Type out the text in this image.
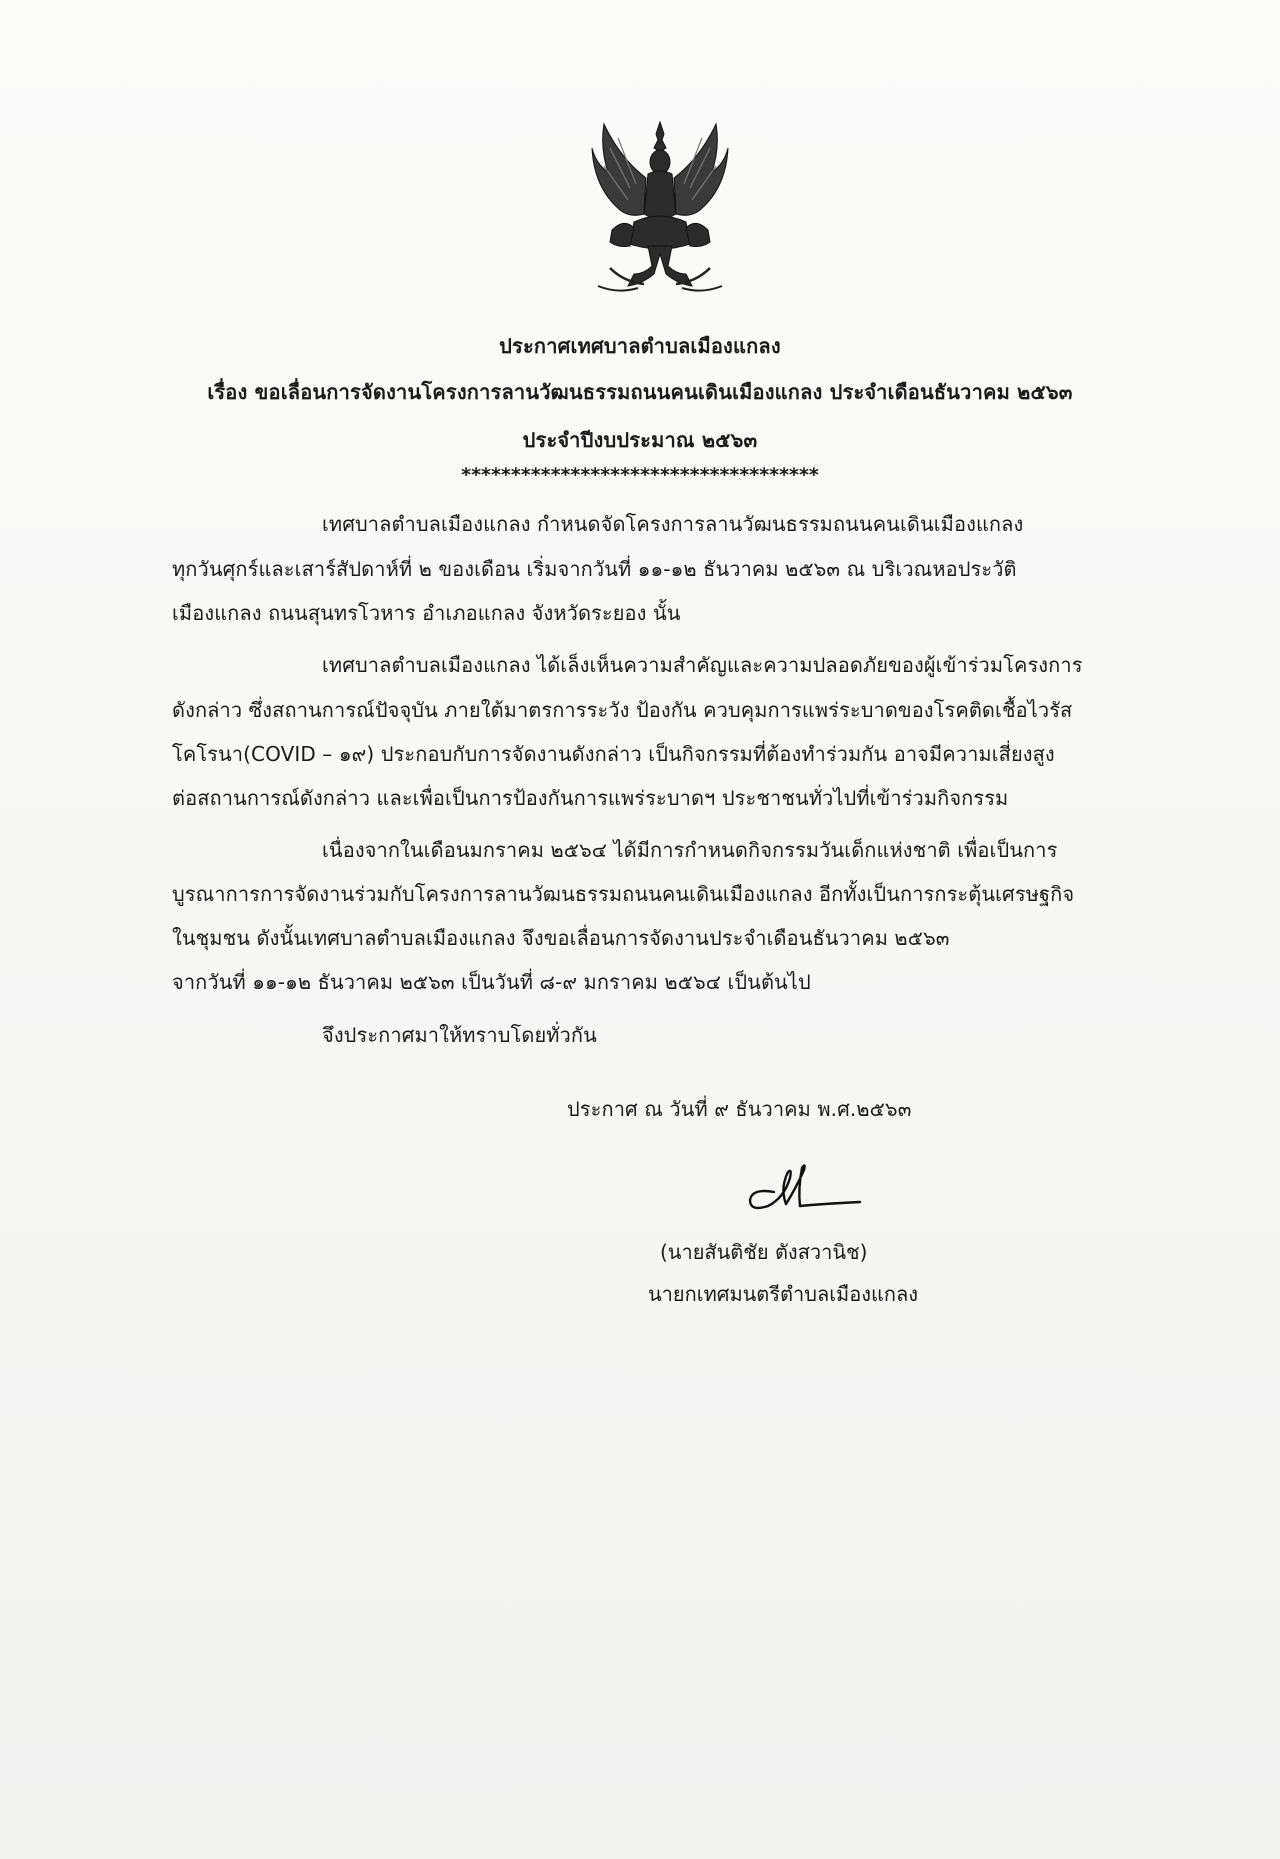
ประกาศเทศบาลตำบลเมืองแกลง
เรื่อง ขอเลื่อนการจัดงานโครงการลานวัฒนธรรมถนนคนเดินเมืองแกลง ประจำเดือนธันวาคม ๒๕๖๓
ประจำปีงบประมาณ ๒๕๖๓
************************************
เทศบาลตำบลเมืองแกลง กำหนดจัดโครงการลานวัฒนธรรมถนนคนเดินเมืองแกลง
ทุกวันศุกร์และเสาร์สัปดาห์ที่ ๒ ของเดือน เริ่มจากวันที่ ๑๑-๑๒ ธันวาคม ๒๕๖๓ ณ บริเวณหอประวัติ
เมืองแกลง ถนนสุนทรโวหาร อำเภอแกลง จังหวัดระยอง นั้น
เทศบาลตำบลเมืองแกลง ได้เล็งเห็นความสำคัญและความปลอดภัยของผู้เข้าร่วมโครงการ
ดังกล่าว ซึ่งสถานการณ์ปัจจุบัน ภายใต้มาตรการระวัง ป้องกัน ควบคุมการแพร่ระบาดของโรคติดเชื้อไวรัส
โคโรนา(COVID – ๑๙) ประกอบกับการจัดงานดังกล่าว เป็นกิจกรรมที่ต้องทำร่วมกัน อาจมีความเสี่ยงสูง
ต่อสถานการณ์ดังกล่าว และเพื่อเป็นการป้องกันการแพร่ระบาดฯ ประชาชนทั่วไปที่เข้าร่วมกิจกรรม
เนื่องจากในเดือนมกราคม ๒๕๖๔ ได้มีการกำหนดกิจกรรมวันเด็กแห่งชาติ เพื่อเป็นการ
บูรณาการการจัดงานร่วมกับโครงการลานวัฒนธรรมถนนคนเดินเมืองแกลง อีกทั้งเป็นการกระตุ้นเศรษฐกิจ
ในชุมชน ดังนั้นเทศบาลตำบลเมืองแกลง จึงขอเลื่อนการจัดงานประจำเดือนธันวาคม ๒๕๖๓
จากวันที่ ๑๑-๑๒ ธันวาคม ๒๕๖๓ เป็นวันที่ ๘-๙ มกราคม ๒๕๖๔ เป็นต้นไป
จึงประกาศมาให้ทราบโดยทั่วกัน
ประกาศ ณ วันที่ ๙ ธันวาคม พ.ศ.๒๕๖๓
(นายสันติชัย ตังสวานิช)
นายกเทศมนตรีตำบลเมืองแกลง
